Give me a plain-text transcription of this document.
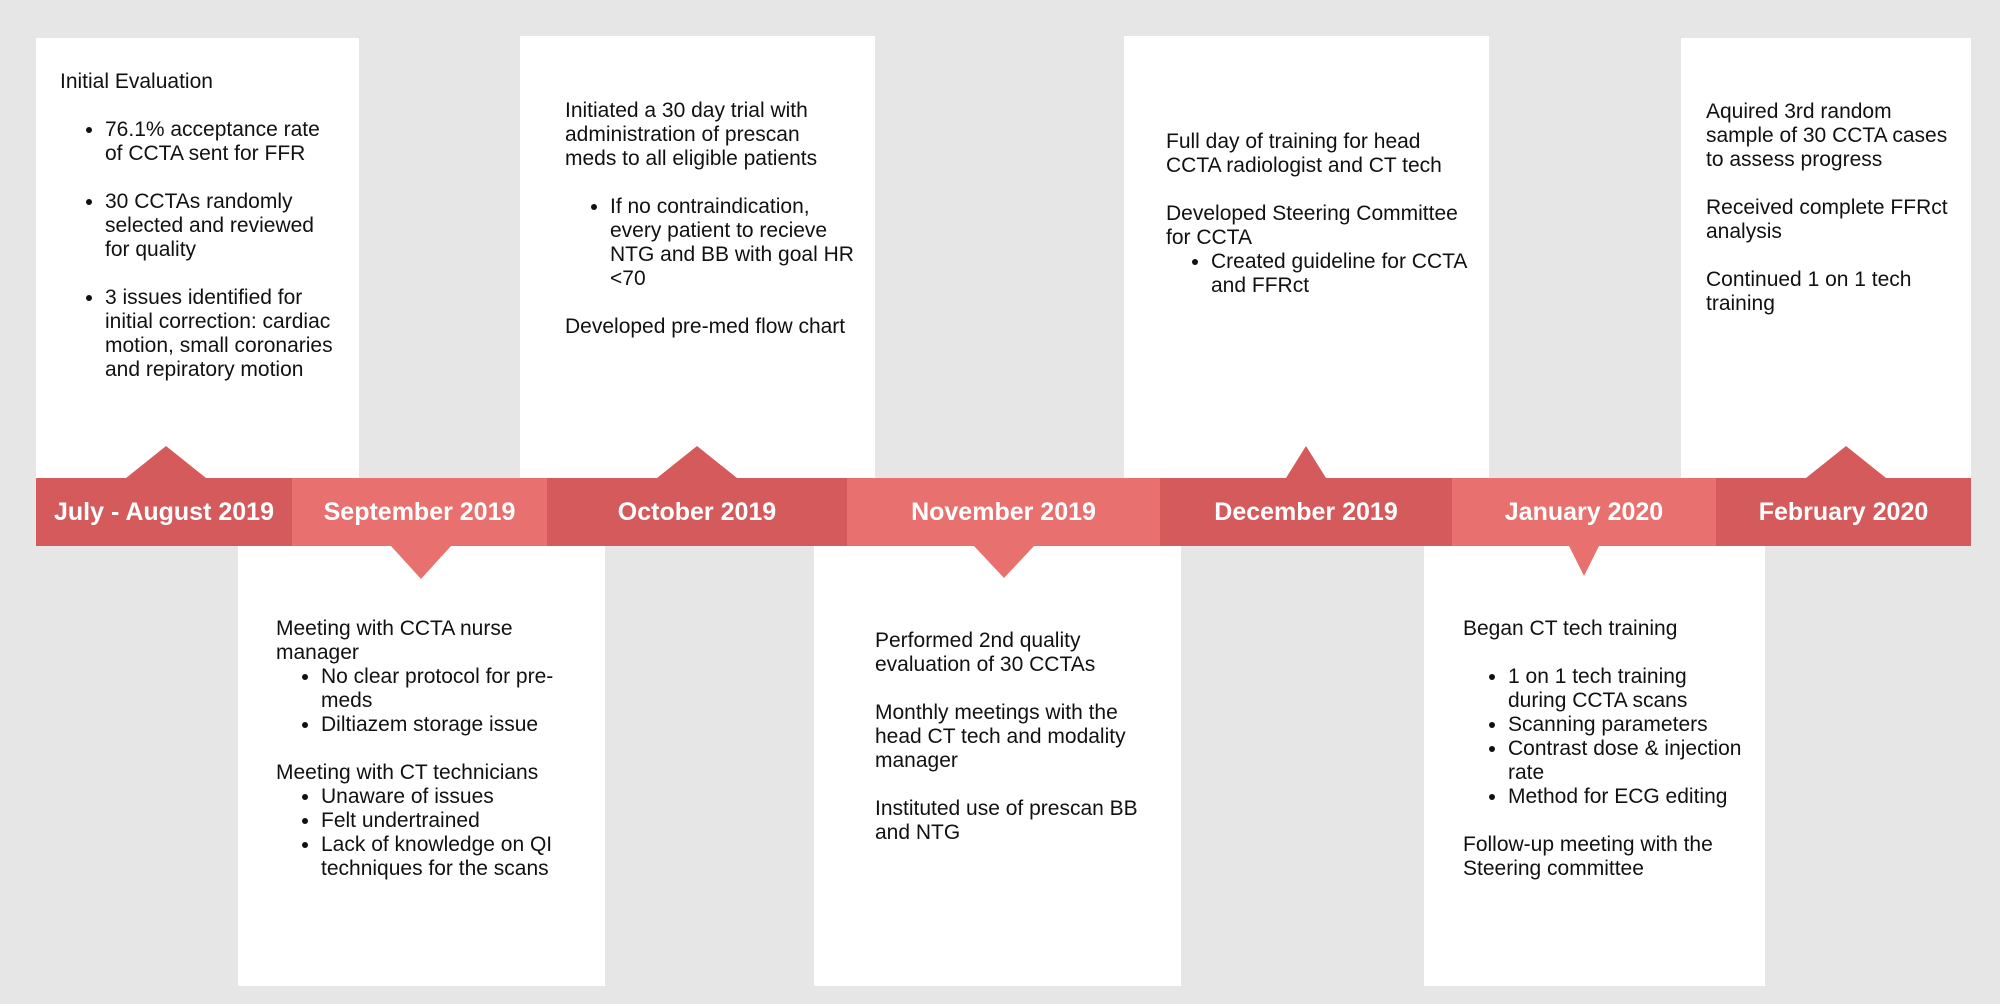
Initial Evaluation

• 76.1% acceptance rate of CCTA sent for FFR
• 30 CCTAs randomly selected and reviewed for quality
• 3 issues identified for initial correction: cardiac motion, small coronaries and repiratory motion

Initiated a 30 day trial with administration of prescan meds to all eligible patients

• If no contraindication, every patient to recieve NTG and BB with goal HR <70

Developed pre-med flow chart

Full day of training for head CCTA radiologist and CT tech

Developed Steering Committee for CCTA

• Created guideline for CCTA and FFRct

Aquired 3rd random sample of 30 CCTA cases to assess progress

Received complete FFRct analysis

Continued 1 on 1 tech training

Meeting with CCTA nurse manager

• No clear protocol for pre-meds
• Diltiazem storage issue

Meeting with CT technicians

• Unaware of issues
• Felt undertrained
• Lack of knowledge on QI techniques for the scans

Performed 2nd quality evaluation of 30 CCTAs

Monthly meetings with the head CT tech and modality manager

Instituted use of prescan BB and NTG

Began CT tech training

• 1 on 1 tech training during CCTA scans
• Scanning parameters
• Contrast dose & injection rate
• Method for ECG editing

Follow-up meeting with the Steering committee

July - August 2019	September 2019	October 2019	November 2019	December 2019	January 2020	February 2020
